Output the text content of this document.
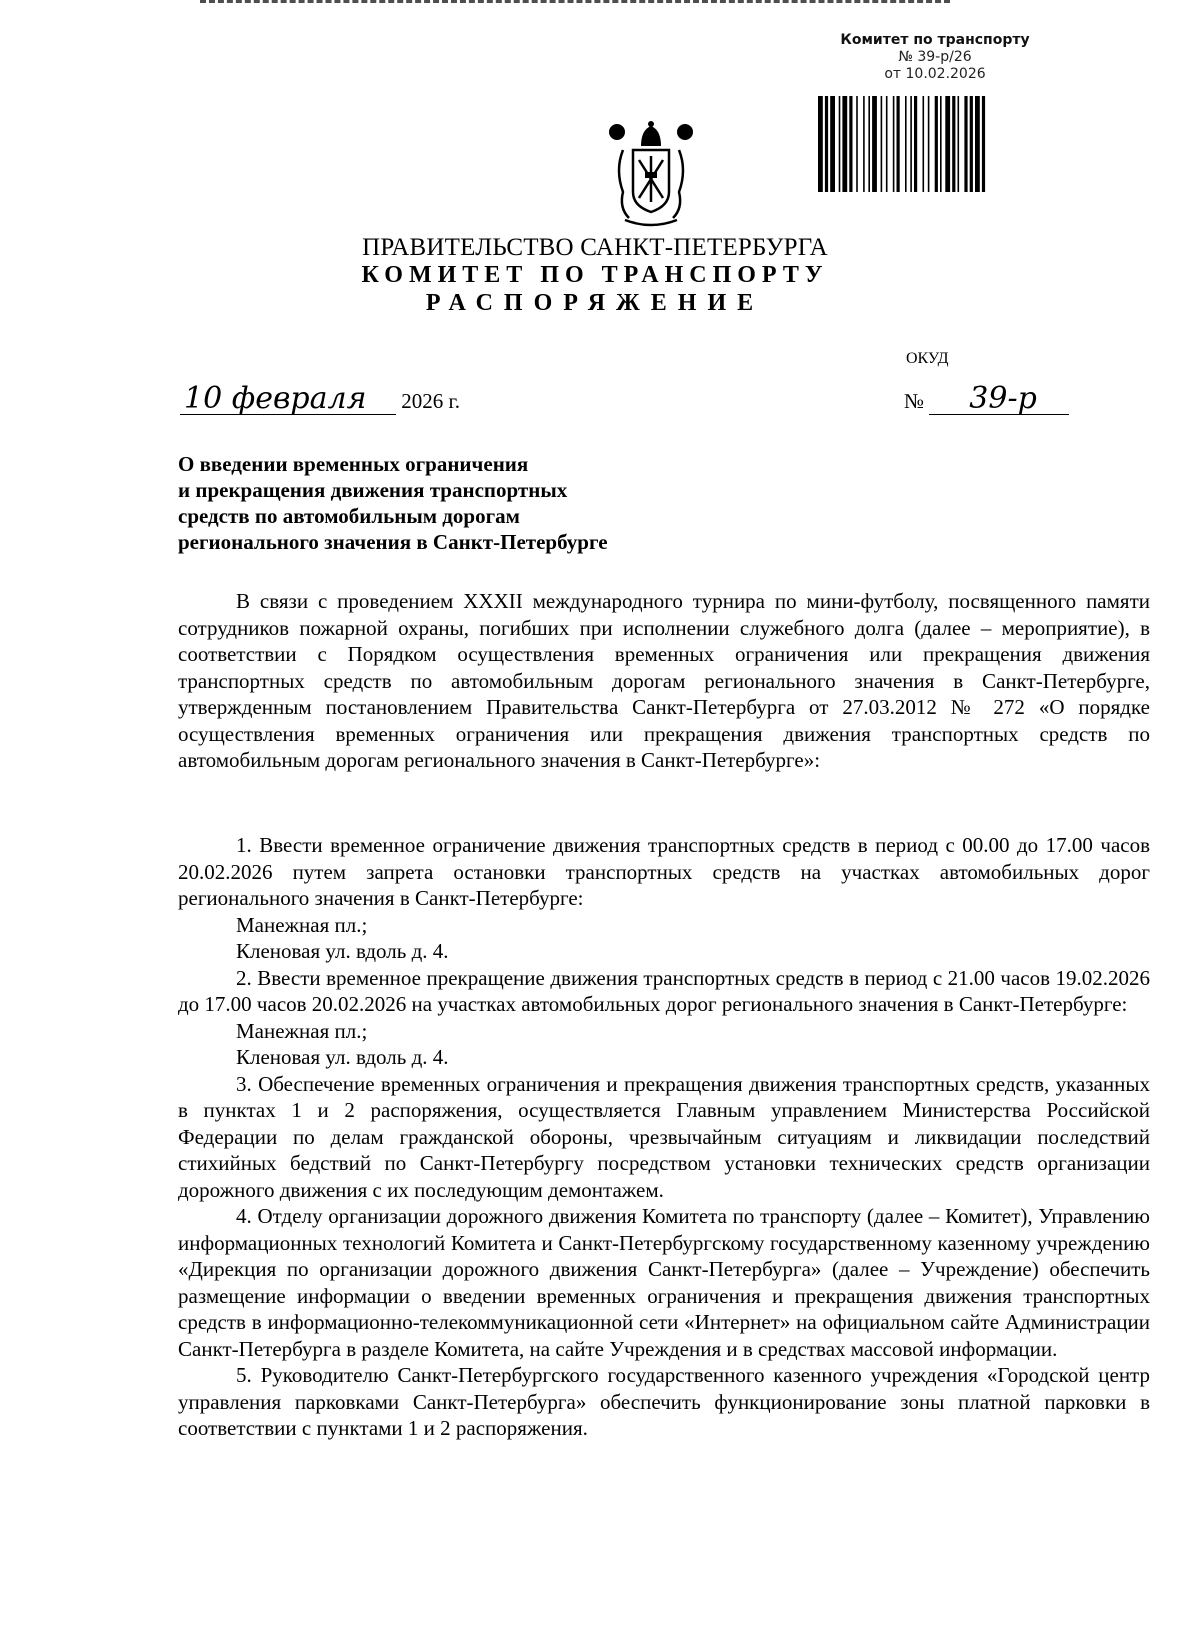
Комитет по транспорту
№ 39-р/26
от 10.02.2026
ПРАВИТЕЛЬСТВО САНКТ-ПЕТЕРБУРГА
КОМИТЕТ ПО ТРАНСПОРТУ
РАСПОРЯЖЕНИЕ
ОКУД
10 февраля 2026 г.	№ 39-р
О введении временных ограничения
и прекращения движения транспортных
средств по автомобильным дорогам
регионального значения в Санкт-Петербурге

В связи с проведением XXXII международного турнира по мини-футболу, посвященного памяти сотрудников пожарной охраны, погибших при исполнении служебного долга (далее – мероприятие), в соответствии с Порядком осуществления временных ограничения или прекращения движения транспортных средств по автомобильным дорогам регионального значения в Санкт-Петербурге, утвержденным постановлением Правительства Санкт-Петербурга от 27.03.2012 № 272 «О порядке осуществления временных ограничения или прекращения движения транспортных средств по автомобильным дорогам регионального значения в Санкт-Петербурге»:

1. Ввести временное ограничение движения транспортных средств в период с 00.00 до 17.00 часов 20.02.2026 путем запрета остановки транспортных средств на участках автомобильных дорог регионального значения в Санкт-Петербурге:

Манежная пл.;

Кленовая ул. вдоль д. 4.

2. Ввести временное прекращение движения транспортных средств в период с 21.00 часов 19.02.2026 до 17.00 часов 20.02.2026 на участках автомобильных дорог регионального значения в Санкт-Петербурге:

Манежная пл.;

Кленовая ул. вдоль д. 4.

3. Обеспечение временных ограничения и прекращения движения транспортных средств, указанных в пунктах 1 и 2 распоряжения, осуществляется Главным управлением Министерства Российской Федерации по делам гражданской обороны, чрезвычайным ситуациям и ликвидации последствий стихийных бедствий по Санкт-Петербургу посредством установки технических средств организации дорожного движения с их последующим демонтажем.

4. Отделу организации дорожного движения Комитета по транспорту (далее – Комитет), Управлению информационных технологий Комитета и Санкт-Петербургскому государственному казенному учреждению «Дирекция по организации дорожного движения Санкт-Петербурга» (далее – Учреждение) обеспечить размещение информации о введении временных ограничения и прекращения движения транспортных средств в информационно-телекоммуникационной сети «Интернет» на официальном сайте Администрации Санкт-Петербурга в разделе Комитета, на сайте Учреждения и в средствах массовой информации.

5. Руководителю Санкт-Петербургского государственного казенного учреждения «Городской центр управления парковками Санкт-Петербурга» обеспечить функционирование зоны платной парковки в соответствии с пунктами 1 и 2 распоряжения.
